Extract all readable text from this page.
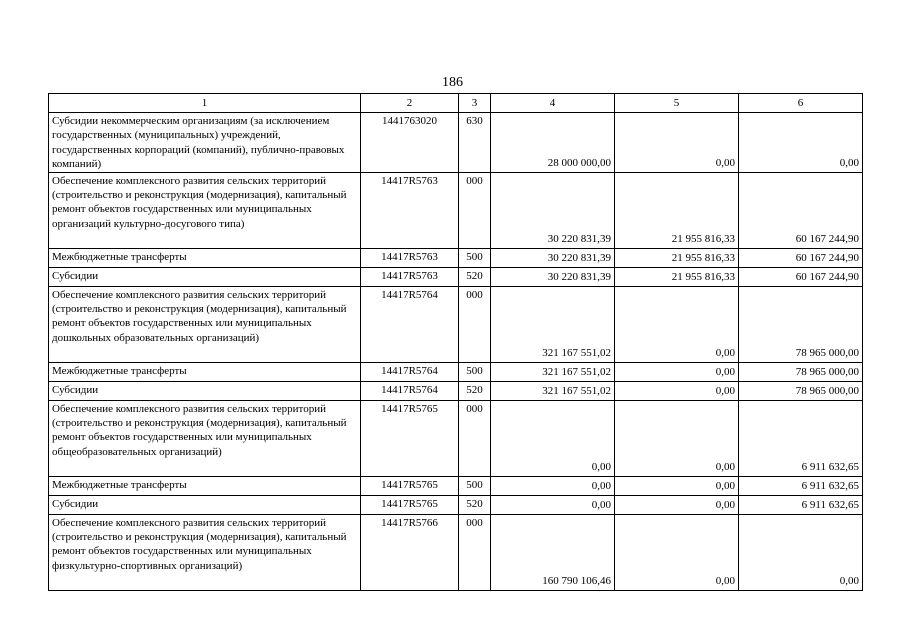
186
1	2	3	4	5	6
Субсидии некоммерческим организациям (за исключением государственных (муниципальных) учреждений, государственных корпораций (компаний), публично-правовых компаний)	1441763020	630	28 000 000,00	0,00	0,00
Обеспечение комплексного развития сельских территорий (строительство и реконструкция (модернизация), капитальный ремонт объектов государственных или муниципальных организаций культурно-досугового типа)	14417R5763	000	30 220 831,39	21 955 816,33	60 167 244,90
Межбюджетные трансферты	14417R5763	500	30 220 831,39	21 955 816,33	60 167 244,90
Субсидии	14417R5763	520	30 220 831,39	21 955 816,33	60 167 244,90
Обеспечение комплексного развития сельских территорий (строительство и реконструкция (модернизация), капитальный ремонт объектов государственных или муниципальных дошкольных образовательных организаций)	14417R5764	000	321 167 551,02	0,00	78 965 000,00
Межбюджетные трансферты	14417R5764	500	321 167 551,02	0,00	78 965 000,00
Субсидии	14417R5764	520	321 167 551,02	0,00	78 965 000,00
Обеспечение комплексного развития сельских территорий (строительство и реконструкция (модернизация), капитальный ремонт объектов государственных или муниципальных общеобразовательных организаций)	14417R5765	000	0,00	0,00	6 911 632,65
Межбюджетные трансферты	14417R5765	500	0,00	0,00	6 911 632,65
Субсидии	14417R5765	520	0,00	0,00	6 911 632,65
Обеспечение комплексного развития сельских территорий (строительство и реконструкция (модернизация), капитальный ремонт объектов государственных или муниципальных физкультурно-спортивных организаций)	14417R5766	000	160 790 106,46	0,00	0,00
